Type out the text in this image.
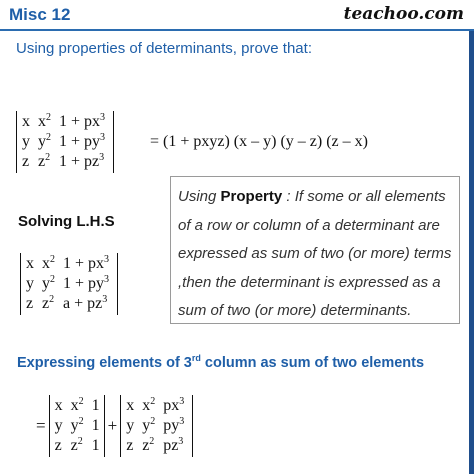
Misc 12	teachoo.com
Using properties of determinants, prove that:
x	$x^2$	$1 + px^3$
y	$y^2$	$1 + py^3$
z	$z^2$	$1 + pz^3$
= (1 + pxyz) (x – y) (y – z) (z – x)
Using Property : If some or all elements of a row or column of a determinant are expressed as sum of two (or more) terms ,then the determinant is expressed as a sum of two (or more) determinants.
Solving L.H.S
x	$x^2$	$1 + px^3$
y	$y^2$	$1 + py^3$
z	$z^2$	$a + pz^3$
Expressing elements of 3rd column as sum of two elements
=
x	$x^2$	1
y	$y^2$	1
z	$z^2$	1
+
x	$x^2$	$px^3$
y	$y^2$	$py^3$
z	$z^2$	$pz^3$
